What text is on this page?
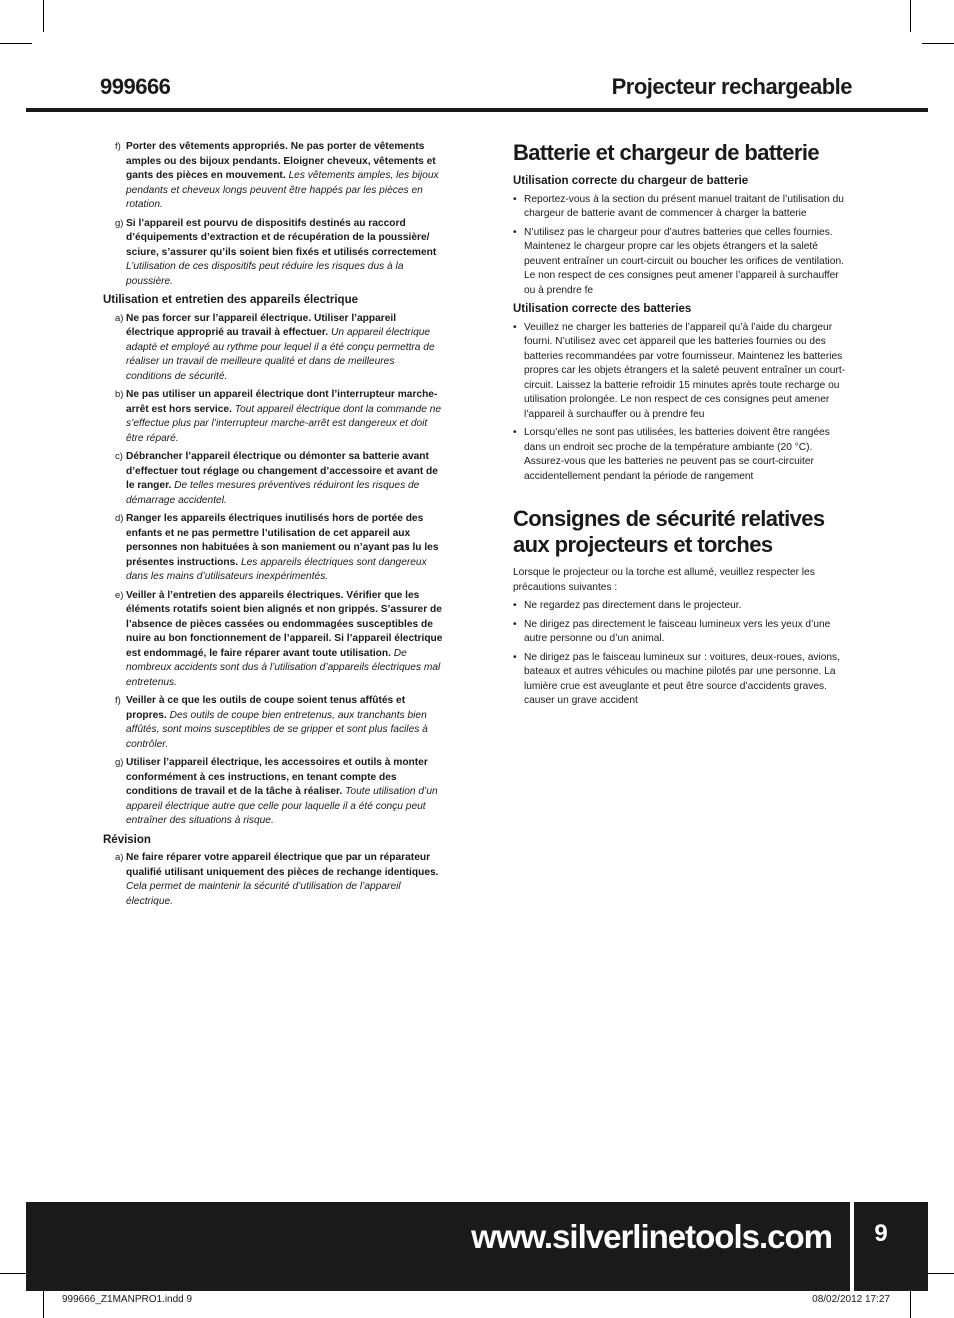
999666	Projecteur rechargeable
f) Porter des vêtements appropriés. Ne pas porter de vêtements amples ou des bijoux pendants. Eloigner cheveux, vêtements et gants des pièces en mouvement. Les vêtements amples, les bijoux pendants et cheveux longs peuvent être happés par les pièces en rotation.
g) Si l’appareil est pourvu de dispositifs destinés au raccord d’équipements d’extraction et de récupération de la poussière/ sciure, s’assurer qu’ils soient bien fixés et utilisés correctement L’utilisation de ces dispositifs peut réduire les risques dus à la poussière.
Utilisation et entretien des appareils électrique
a) Ne pas forcer sur l’appareil électrique. Utiliser l’appareil électrique approprié au travail à effectuer. Un appareil électrique adapté et employé au rythme pour lequel il a été conçu permettra de réaliser un travail de meilleure qualité et dans de meilleures conditions de sécurité.
b) Ne pas utiliser un appareil électrique dont l’interrupteur marche-arrêt est hors service. Tout appareil électrique dont la commande ne s’effectue plus par l’interrupteur marche-arrêt est dangereux et doit être réparé.
c) Débrancher l’appareil électrique ou démonter sa batterie avant d’effectuer tout réglage ou changement d’accessoire et avant de le ranger. De telles mesures préventives réduiront les risques de démarrage accidentel.
d) Ranger les appareils électriques inutilisés hors de portée des enfants et ne pas permettre l’utilisation de cet appareil aux personnes non habituées à son maniement ou n’ayant pas lu les présentes instructions. Les appareils électriques sont dangereux dans les mains d’utilisateurs inexpérimentés.
e) Veiller à l’entretien des appareils électriques. Vérifier que les éléments rotatifs soient bien alignés et non grippés. S’assurer de l’absence de pièces cassées ou endommagées susceptibles de nuire au bon fonctionnement de l’appareil. Si l’appareil électrique est endommagé, le faire réparer avant toute utilisation. De nombreux accidents sont dus à l’utilisation d’appareils électriques mal entretenus.
f) Veiller à ce que les outils de coupe soient tenus affûtés et propres. Des outils de coupe bien entretenus, aux tranchants bien affûtés, sont moins susceptibles de se gripper et sont plus faciles à contrôler.
g) Utiliser l’appareil électrique, les accessoires et outils à monter conformément à ces instructions, en tenant compte des conditions de travail et de la tâche à réaliser. Toute utilisation d’un appareil électrique autre que celle pour laquelle il a été conçu peut entraîner des situations à risque.
Révision
a) Ne faire réparer votre appareil électrique que par un réparateur qualifié utilisant uniquement des pièces de rechange identiques. Cela permet de maintenir la sécurité d’utilisation de l’appareil électrique.
Batterie et chargeur de batterie
Utilisation correcte du chargeur de batterie
• Reportez-vous à la section du présent manuel traitant de l’utilisation du chargeur de batterie avant de commencer à charger la batterie
• N’utilisez pas le chargeur pour d’autres batteries que celles fournies. Maintenez le chargeur propre car les objets étrangers et la saleté peuvent entraîner un court-circuit ou boucher les orifices de ventilation. Le non respect de ces consignes peut amener l’appareil à surchauffer ou à prendre fe
Utilisation correcte des batteries
• Veuillez ne charger les batteries de l’appareil qu’à l’aide du chargeur fourni. N’utilisez avec cet appareil que les batteries fournies ou des batteries recommandées par votre fournisseur. Maintenez les batteries propres car les objets étrangers et la saleté peuvent entraîner un court-circuit. Laissez la batterie refroidir 15 minutes après toute recharge ou utilisation prolongée. Le non respect de ces consignes peut amener l’appareil à surchauffer ou à prendre feu
• Lorsqu’elles ne sont pas utilisées, les batteries doivent être rangées dans un endroit sec proche de la température ambiante (20 °C). Assurez-vous que les batteries ne peuvent pas se court-circuiter accidentellement pendant la période de rangement
Consignes de sécurité relatives aux projecteurs et torches
Lorsque le projecteur ou la torche est allumé, veuillez respecter les précautions suivantes :
• Ne regardez pas directement dans le projecteur.
• Ne dirigez pas directement le faisceau lumineux vers les yeux d’une autre personne ou d’un animal.
• Ne dirigez pas le faisceau lumineux sur : voitures, deux-roues, avions, bateaux et autres véhicules ou machine pilotés par une personne. La lumière crue est aveuglante et peut être source d’accidents graves. causer un grave accident
www.silverlinetools.com	9
999666_Z1MANPRO1.indd 9	08/02/2012 17:27
